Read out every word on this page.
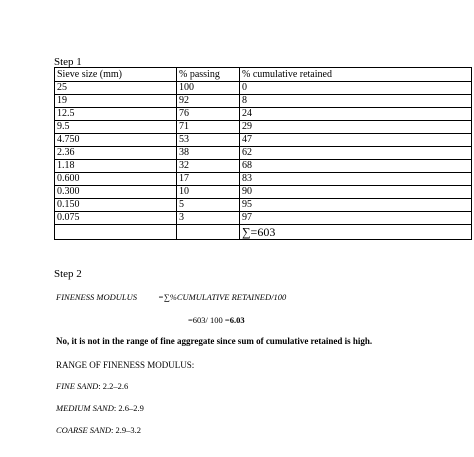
Step 1
Sieve size (mm)	% passing	% cumulative retained
25	100	0
19	92	8
12.5	76	24
9.5	71	29
4.750	53	47
2.36	38	62
1.18	32	68
0.600	17	83
0.300	10	90
0.150	5	95
0.075	3	97
		∑=603
Step 2
FINENESS MODULUS =∑%CUMULATIVE RETAINED/100
=603/ 100 =6.03
No, it is not in the range of fine aggregate since sum of cumulative retained is high.
RANGE OF FINENESS MODULUS:
FINE SAND: 2.2–2.6
MEDIUM SAND: 2.6–2.9
COARSE SAND: 2.9–3.2
